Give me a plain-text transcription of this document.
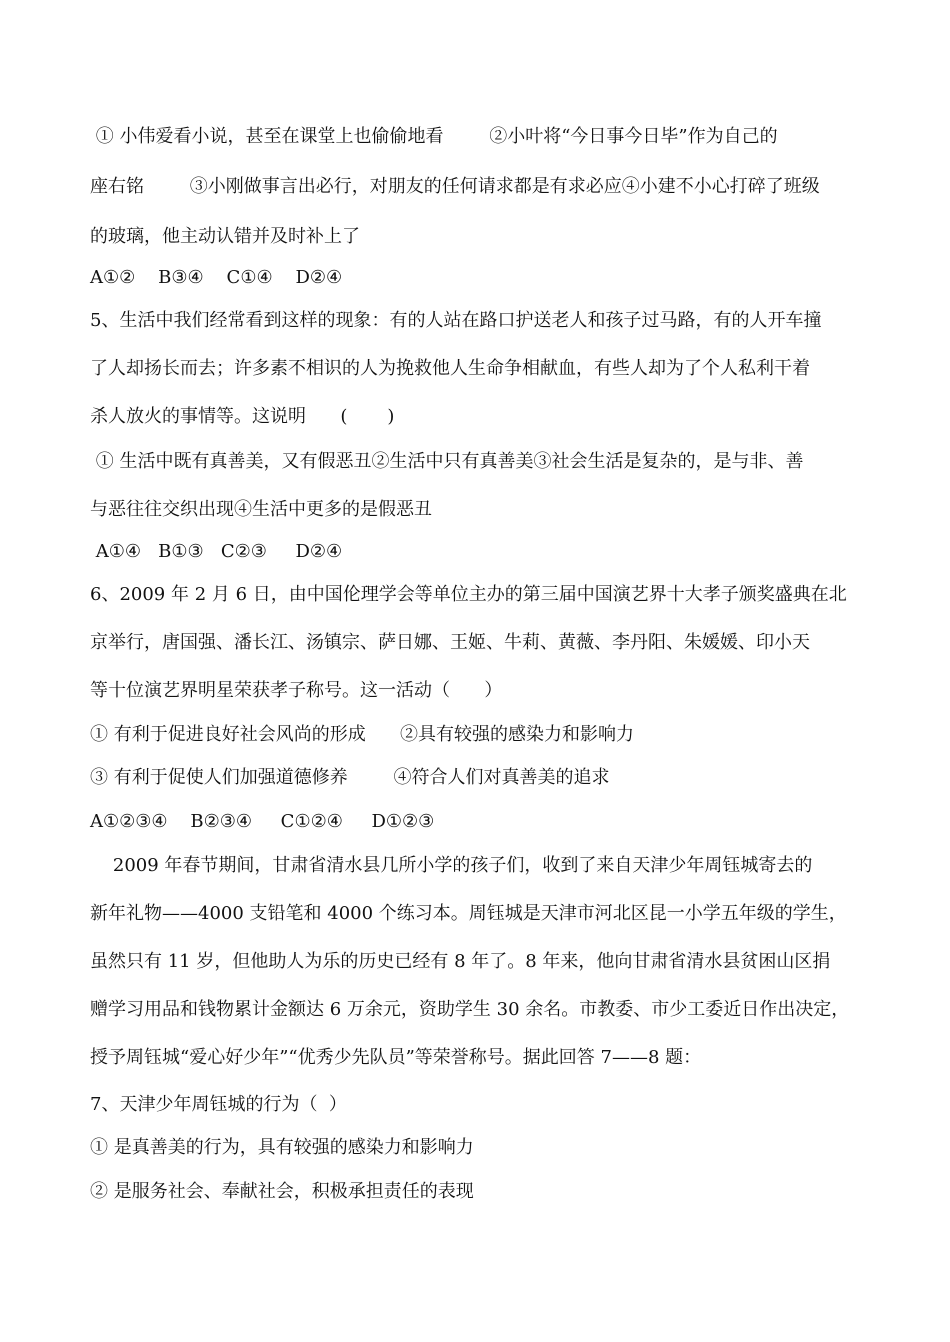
① 小伟爱看小说，甚至在课堂上也偷偷地看        ②小叶将“今日事今日毕”作为自己的

座右铭        ③小刚做事言出必行，对朋友的任何请求都是有求必应④小建不小心打碎了班级

的玻璃，他主动认错并及时补上了

A①②    B③④    C①④    D②④

5、生活中我们经常看到这样的现象：有的人站在路口护送老人和孩子过马路，有的人开车撞

了人却扬长而去；许多素不相识的人为挽救他人生命争相献血，有些人却为了个人私利干着

杀人放火的事情等。这说明      (       )

① 生活中既有真善美，又有假恶丑②生活中只有真善美③社会生活是复杂的，是与非、善

与恶往往交织出现④生活中更多的是假恶丑

A①④   B①③   C②③     D②④

6、2009 年 2 月 6 日，由中国伦理学会等单位主办的第三届中国演艺界十大孝子颁奖盛典在北

京举行，唐国强、潘长江、汤镇宗、萨日娜、王姬、牛莉、黄薇、李丹阳、朱媛媛、印小天

等十位演艺界明星荣获孝子称号。这一活动（      ）

① 有利于促进良好社会风尚的形成      ②具有较强的感染力和影响力

③ 有利于促使人们加强道德修养        ④符合人们对真善美的追求

A①②③④    B②③④     C①②④     D①②③

2009 年春节期间，甘肃省清水县几所小学的孩子们，收到了来自天津少年周钰城寄去的

新年礼物——4000 支铅笔和 4000 个练习本。周钰城是天津市河北区昆一小学五年级的学生，

虽然只有 11 岁，但他助人为乐的历史已经有 8 年了。8 年来，他向甘肃省清水县贫困山区捐

赠学习用品和钱物累计金额达 6 万余元，资助学生 30 余名。市教委、市少工委近日作出决定，

授予周钰城“爱心好少年”“优秀少先队员”等荣誉称号。据此回答 7——8 题：

7、天津少年周钰城的行为（  ）

① 是真善美的行为，具有较强的感染力和影响力

② 是服务社会、奉献社会，积极承担责任的表现
